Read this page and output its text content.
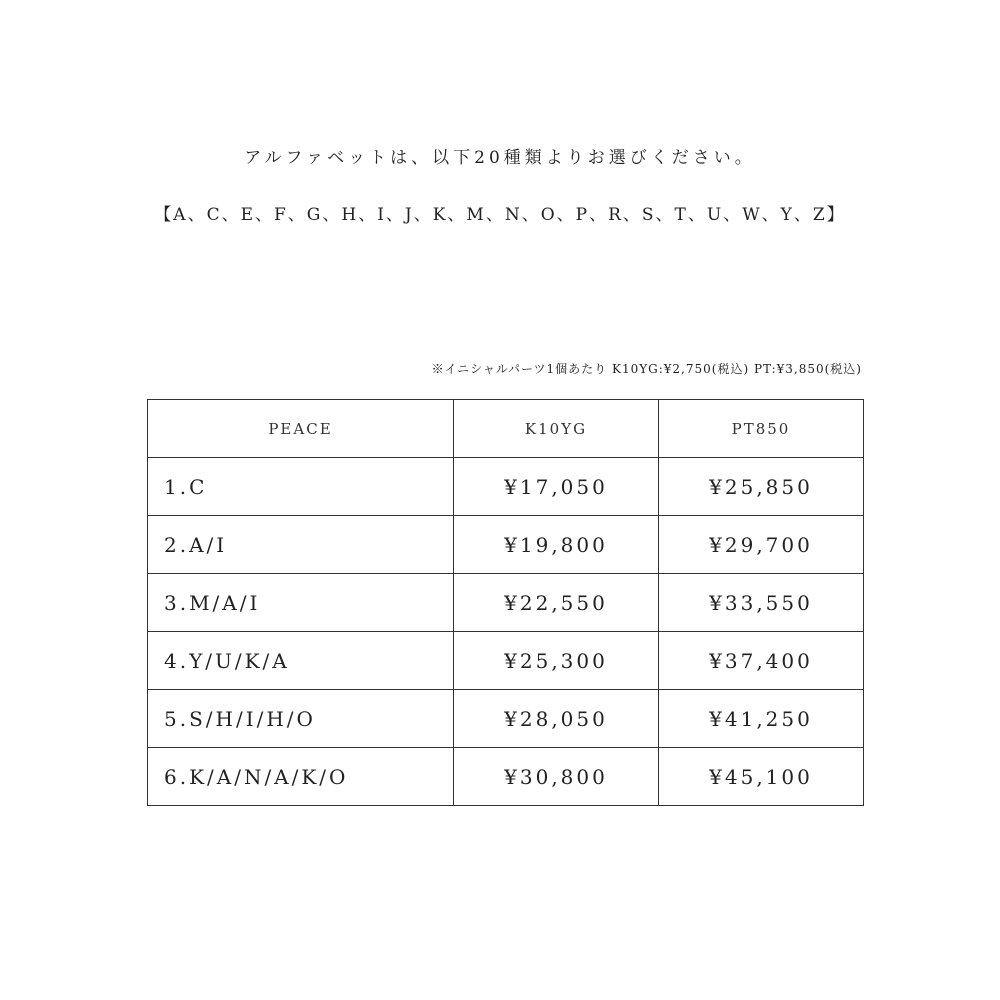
アルファベットは、以下20種類よりお選びください。
【A、C、E、F、G、H、I、J、K、M、N、O、P、R、S、T、U、W、Y、Z】
※イニシャルパーツ1個あたり K10YG:¥2,750(税込) PT:¥3,850(税込)
PEACE	K10YG	PT850
1.C	¥17,050	¥25,850
2.A/I	¥19,800	¥29,700
3.M/A/I	¥22,550	¥33,550
4.Y/U/K/A	¥25,300	¥37,400
5.S/H/I/H/O	¥28,050	¥41,250
6.K/A/N/A/K/O	¥30,800	¥45,100
